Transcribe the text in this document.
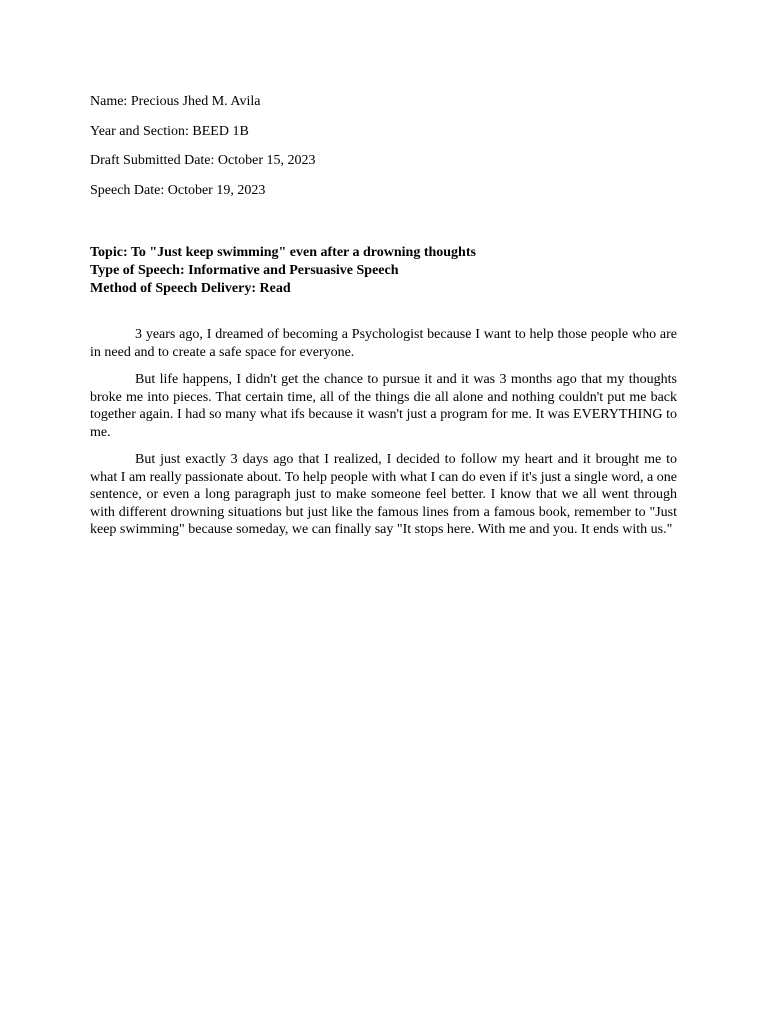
Name: Precious Jhed M. Avila

Year and Section: BEED 1B

Draft Submitted Date: October 15, 2023

Speech Date: October 19, 2023

Topic: To "Just keep swimming" even after a drowning thoughts

Type of Speech: Informative and Persuasive Speech

Method of Speech Delivery: Read

3 years ago, I dreamed of becoming a Psychologist because I want to help those people who are in need and to create a safe space for everyone.

But life happens, I didn't get the chance to pursue it and it was 3 months ago that my thoughts broke me into pieces. That certain time, all of the things die all alone and nothing couldn't put me back together again. I had so many what ifs because it wasn't just a program for me. It was EVERYTHING to me.

But just exactly 3 days ago that I realized, I decided to follow my heart and it brought me to what I am really passionate about. To help people with what I can do even if it's just a single word, a one sentence, or even a long paragraph just to make someone feel better. I know that we all went through with different drowning situations but just like the famous lines from a famous book, remember to "Just keep swimming" because someday, we can finally say "It stops here. With me and you. It ends with us."
